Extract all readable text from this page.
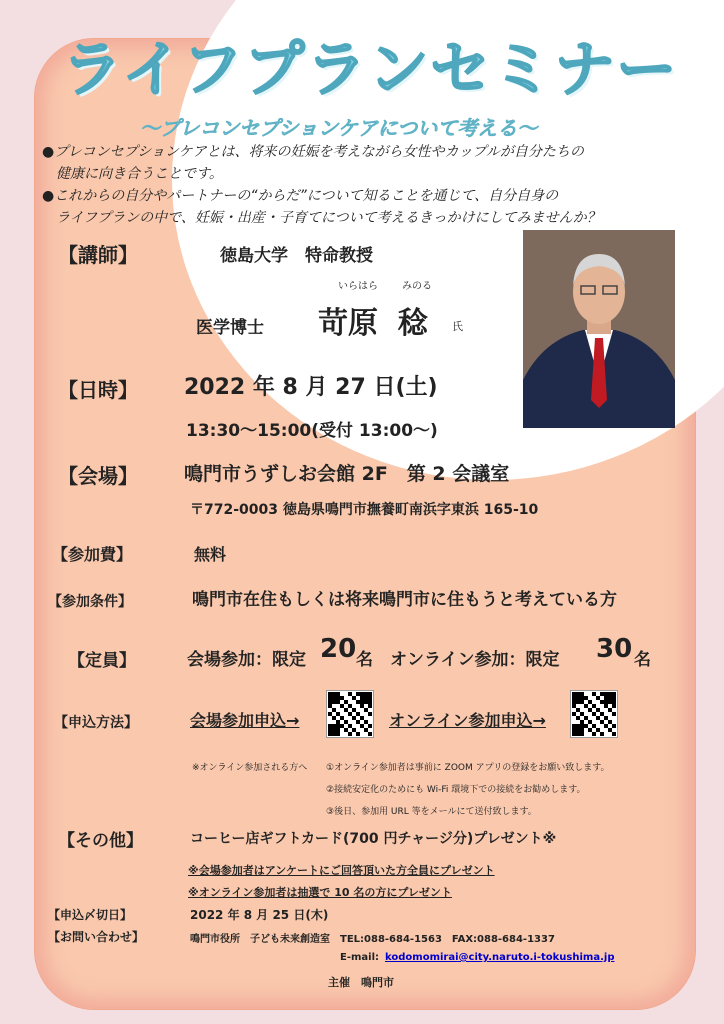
ライフプランセミナー
～プレコンセプションケアについて考える～
●プレコンセプションケアとは、将来の妊娠を考えながら女性やカップルが自分たちの
健康に向き合うことです。
●これからの自分やパートナーの“からだ”について知ることを通じて、自分自身の
ライフプランの中で、妊娠・出産・子育てについて考えるきっかけにしてみませんか？
【講師】	徳島大学　特命教授
いらはら みのる
医学博士 苛原 稔 氏
【日時】 2022 年 8 月 27 日(土)
13:30～15:00(受付 13:00～)
【会場】 鳴門市うずしお会館 2F　第 2 会議室
〒772-0003 徳島県鳴門市撫養町南浜字東浜 165-10
【参加費】	無料
【参加条件】	鳴門市在住もしくは将来鳴門市に住もうと考えている方
【定員】	会場参加：限定 20 名 オンライン参加：限定 30 名
【申込方法】	会場参加申込→	オンライン参加申込→
※オンライン参加される方へ ①オンライン参加者は事前に ZOOM アプリの登録をお願い致します。
②接続安定化のためにも Wi-Fi 環境下での接続をお勧めします。
③後日、参加用 URL 等をメールにて送付致します。
【その他】	コーヒー店ギフトカード(700 円チャージ分)プレゼント※
※会場参加者はアンケートにご回答頂いた方全員にプレゼント
※オンライン参加者は抽選で 10 名の方にプレゼント
【申込〆切日】	2022 年 8 月 25 日(木)
【お問い合わせ】	鳴門市役所　子ども未来創造室　TEL:088-684-1563　FAX:088-684-1337
E-mail: kodomomirai@city.naruto.i-tokushima.jp
主催　鳴門市
